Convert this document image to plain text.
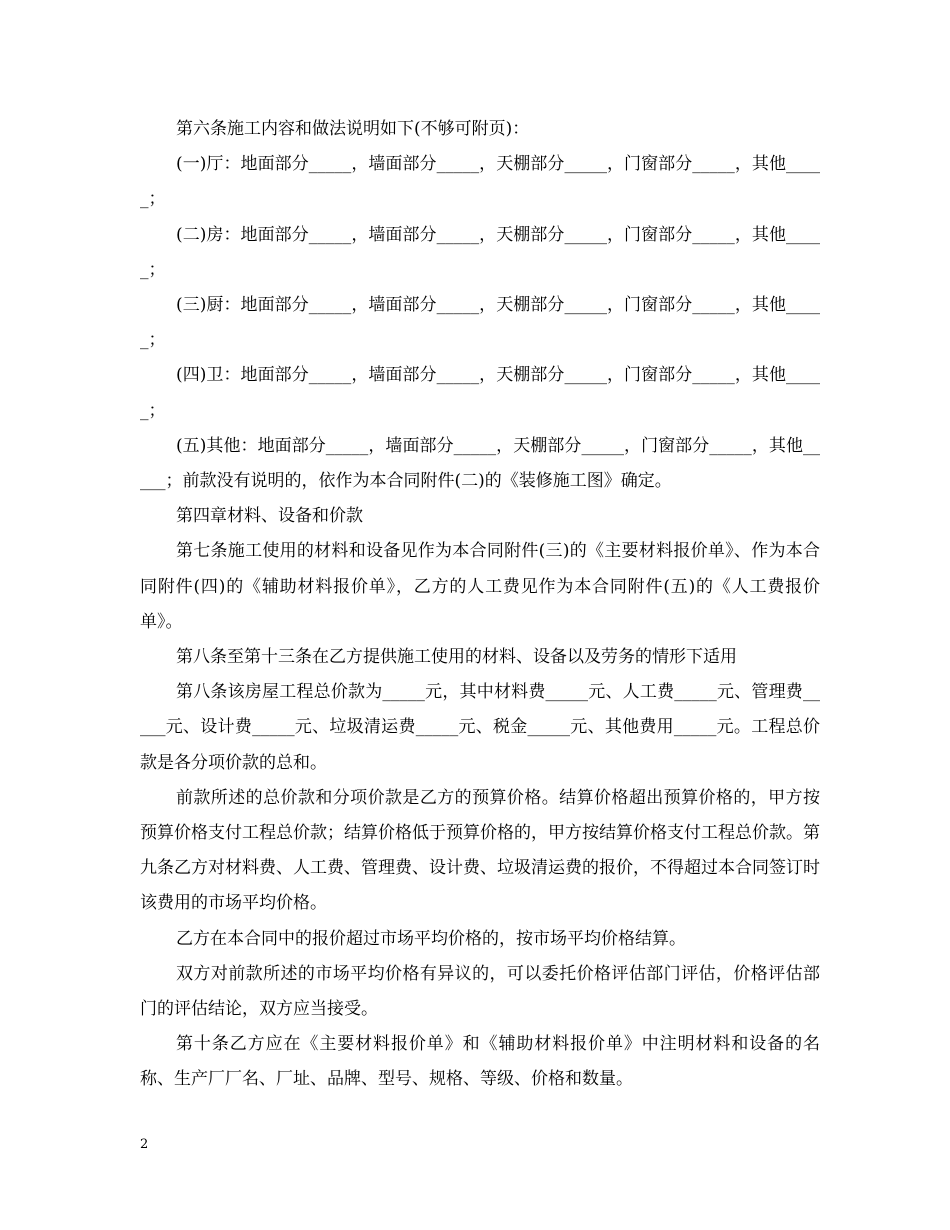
第六条施工内容和做法说明如下(不够可附页)：

(一)厅：地面部分_____，墙面部分_____，天棚部分_____，门窗部分_____，其他_____；

(二)房：地面部分_____，墙面部分_____，天棚部分_____，门窗部分_____，其他_____；

(三)厨：地面部分_____，墙面部分_____，天棚部分_____，门窗部分_____，其他_____；

(四)卫：地面部分_____，墙面部分_____，天棚部分_____，门窗部分_____，其他_____；

(五)其他：地面部分_____，墙面部分_____，天棚部分_____，门窗部分_____，其他_____；前款没有说明的，依作为本合同附件(二)的《装修施工图》确定。

第四章材料、设备和价款

第七条施工使用的材料和设备见作为本合同附件(三)的《主要材料报价单》、作为本合同附件(四)的《辅助材料报价单》，乙方的人工费见作为本合同附件(五)的《人工费报价单》。

第八条至第十三条在乙方提供施工使用的材料、设备以及劳务的情形下适用

第八条该房屋工程总价款为_____元，其中材料费_____元、人工费_____元、管理费_____元、设计费_____元、垃圾清运费_____元、税金_____元、其他费用_____元。工程总价款是各分项价款的总和。

前款所述的总价款和分项价款是乙方的预算价格。结算价格超出预算价格的，甲方按预算价格支付工程总价款；结算价格低于预算价格的，甲方按结算价格支付工程总价款。第九条乙方对材料费、人工费、管理费、设计费、垃圾清运费的报价，不得超过本合同签订时该费用的市场平均价格。

乙方在本合同中的报价超过市场平均价格的，按市场平均价格结算。

双方对前款所述的市场平均价格有异议的，可以委托价格评估部门评估，价格评估部门的评估结论，双方应当接受。

第十条乙方应在《主要材料报价单》和《辅助材料报价单》中注明材料和设备的名称、生产厂厂名、厂址、品牌、型号、规格、等级、价格和数量。

2
